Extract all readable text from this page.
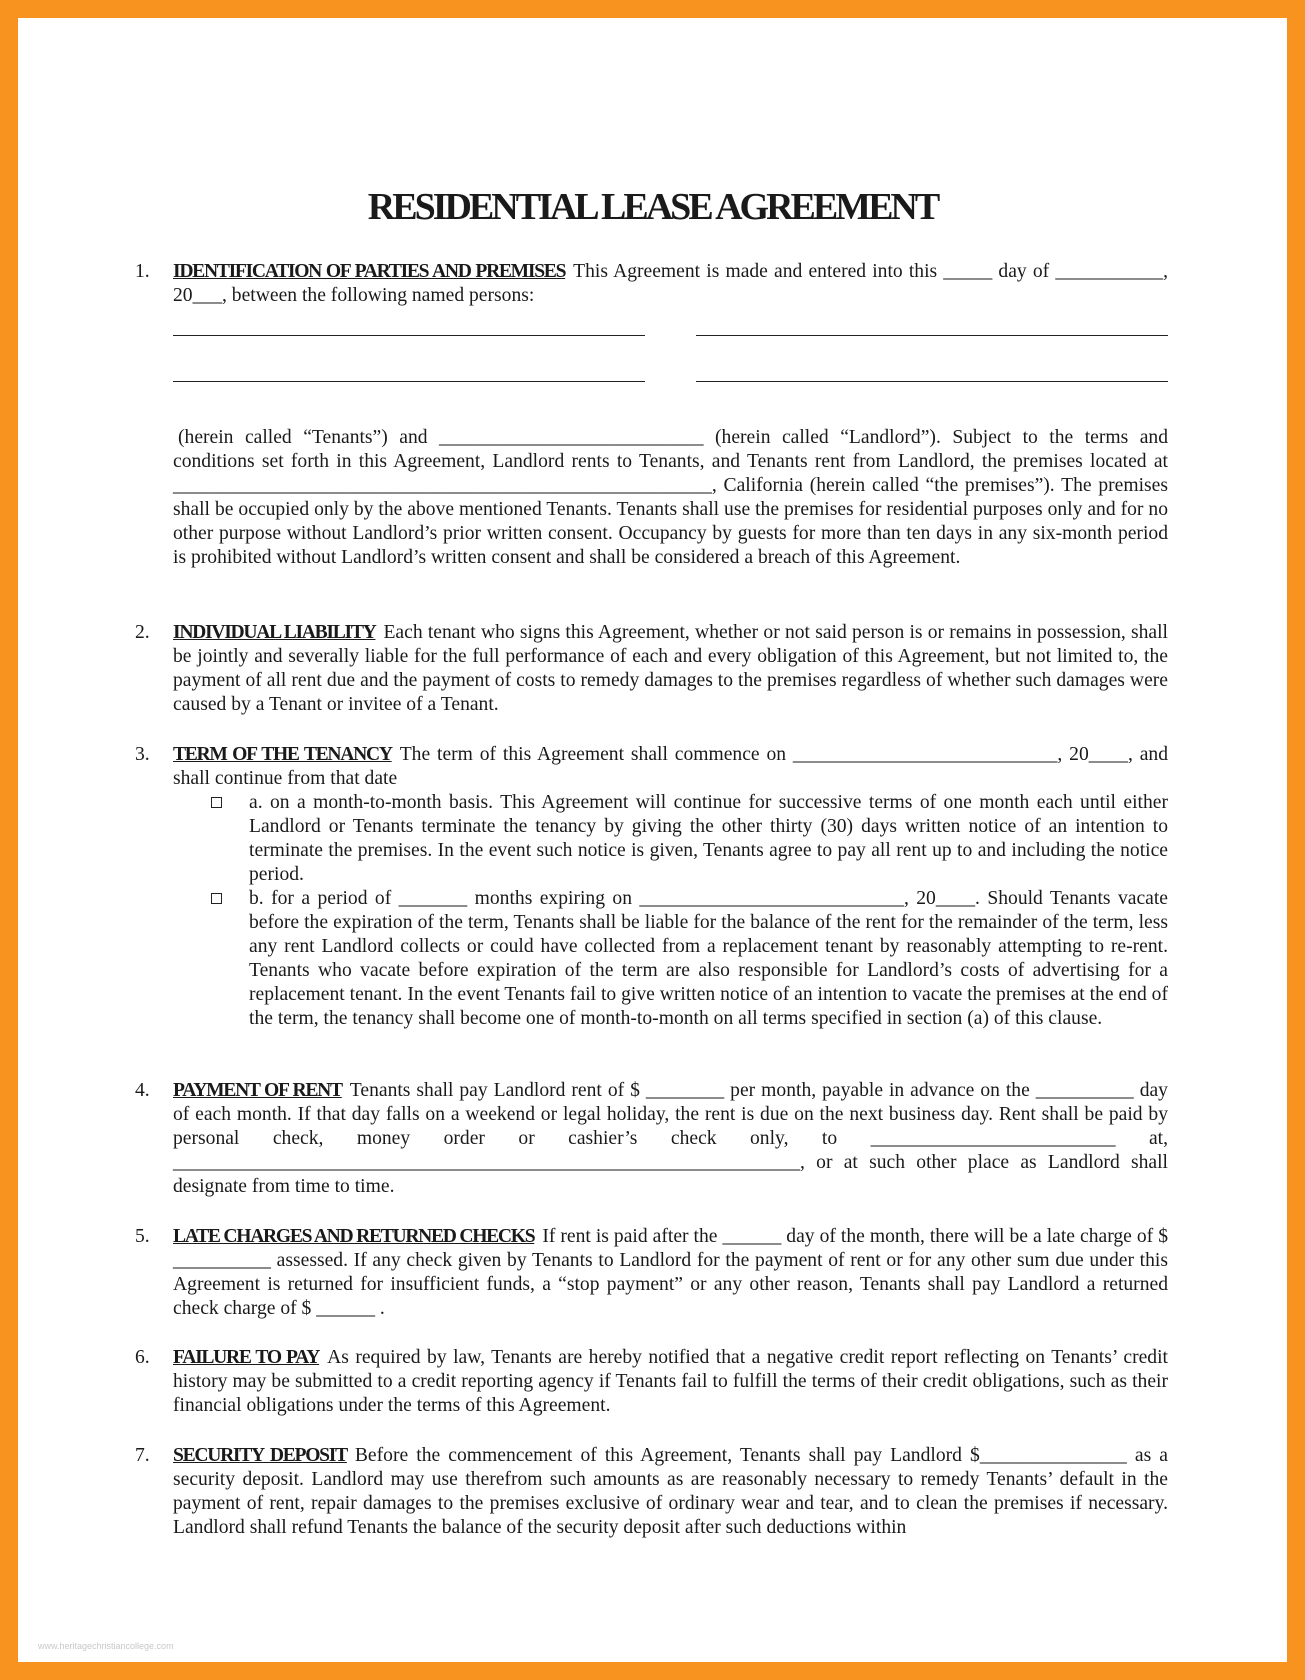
RESIDENTIAL LEASE AGREEMENT
1. IDENTIFICATION OF PARTIES AND PREMISES This Agreement is made and entered into this _____ day of ___________, 20___, between the following named persons:
(herein called “Tenants”) and ___________________________ (herein called “Landlord”). Subject to the terms and conditions set forth in this Agreement, Landlord rents to Tenants, and Tenants rent from Landlord, the premises located at _______________________________________________________, California (herein called “the premises”). The premises shall be occupied only by the above mentioned Tenants. Tenants shall use the premises for residential purposes only and for no other purpose without Landlord’s prior written consent. Occupancy by guests for more than ten days in any six-month period is prohibited without Landlord’s written consent and shall be considered a breach of this Agreement.
2. INDIVIDUAL LIABILITY Each tenant who signs this Agreement, whether or not said person is or remains in possession, shall be jointly and severally liable for the full performance of each and every obligation of this Agreement, but not limited to, the payment of all rent due and the payment of costs to remedy damages to the premises regardless of whether such damages were caused by a Tenant or invitee of a Tenant.
3. TERM OF THE TENANCY The term of this Agreement shall commence on ___________________________, 20____, and shall continue from that date
a. on a month-to-month basis. This Agreement will continue for successive terms of one month each until either Landlord or Tenants terminate the tenancy by giving the other thirty (30) days written notice of an intention to terminate the premises. In the event such notice is given, Tenants agree to pay all rent up to and including the notice period.
b. for a period of _______ months expiring on ___________________________, 20____. Should Tenants vacate before the expiration of the term, Tenants shall be liable for the balance of the rent for the remainder of the term, less any rent Landlord collects or could have collected from a replacement tenant by reasonably attempting to re-rent. Tenants who vacate before expiration of the term are also responsible for Landlord’s costs of advertising for a replacement tenant. In the event Tenants fail to give written notice of an intention to vacate the premises at the end of the term, the tenancy shall become one of month-to-month on all terms specified in section (a) of this clause.
4. PAYMENT OF RENT Tenants shall pay Landlord rent of $ ________ per month, payable in advance on the __________ day of each month. If that day falls on a weekend or legal holiday, the rent is due on the next business day. Rent shall be paid by personal check, money order or cashier’s check only, to _________________________ at, ________________________________________________________________, or at such other place as Landlord shall designate from time to time.
5. LATE CHARGES AND RETURNED CHECKS If rent is paid after the ______ day of the month, there will be a late charge of $ __________ assessed. If any check given by Tenants to Landlord for the payment of rent or for any other sum due under this Agreement is returned for insufficient funds, a “stop payment” or any other reason, Tenants shall pay Landlord a returned check charge of $ ______ .
6. FAILURE TO PAY As required by law, Tenants are hereby notified that a negative credit report reflecting on Tenants’ credit history may be submitted to a credit reporting agency if Tenants fail to fulfill the terms of their credit obligations, such as their financial obligations under the terms of this Agreement.
7. SECURITY DEPOSIT Before the commencement of this Agreement, Tenants shall pay Landlord $_______________ as a security deposit. Landlord may use therefrom such amounts as are reasonably necessary to remedy Tenants’ default in the payment of rent, repair damages to the premises exclusive of ordinary wear and tear, and to clean the premises if necessary. Landlord shall refund Tenants the balance of the security deposit after such deductions within
www.heritagechristiancollege.com
